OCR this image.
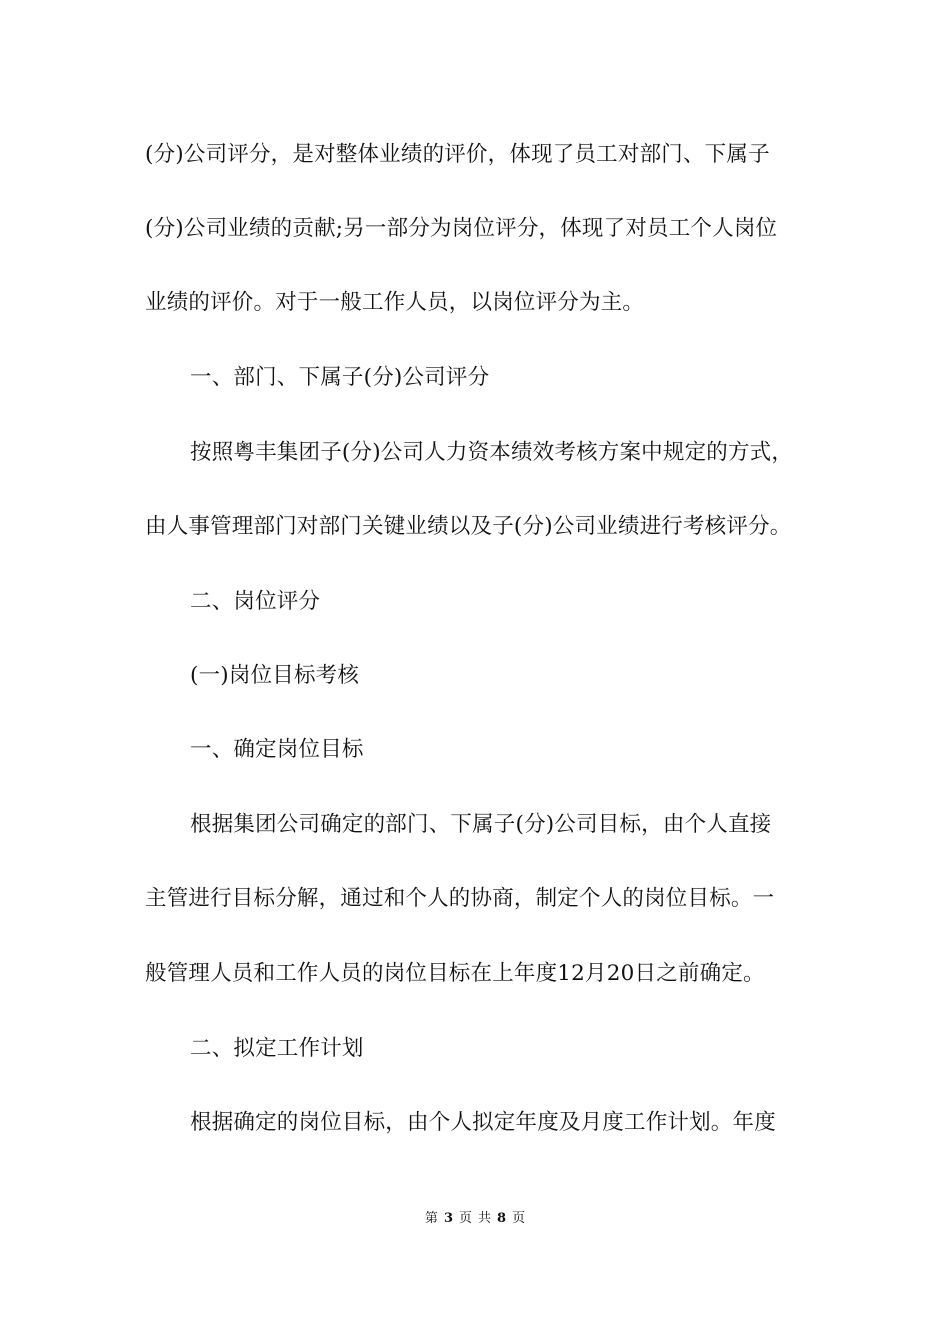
(分)公司评分，是对整体业绩的评价，体现了员工对部门、下属子

(分)公司业绩的贡献;另一部分为岗位评分，体现了对员工个人岗位

业绩的评价。对于一般工作人员，以岗位评分为主。

一、部门、下属子(分)公司评分

按照粤丰集团子(分)公司人力资本绩效考核方案中规定的方式，

由人事管理部门对部门关键业绩以及子(分)公司业绩进行考核评分。

二、岗位评分

(一)岗位目标考核

一、确定岗位目标

根据集团公司确定的部门、下属子(分)公司目标，由个人直接

主管进行目标分解，通过和个人的协商，制定个人的岗位目标。一

般管理人员和工作人员的岗位目标在上年度12月20日之前确定。

二、拟定工作计划

根据确定的岗位目标，由个人拟定年度及月度工作计划。年度

第 3 页 共 8 页
